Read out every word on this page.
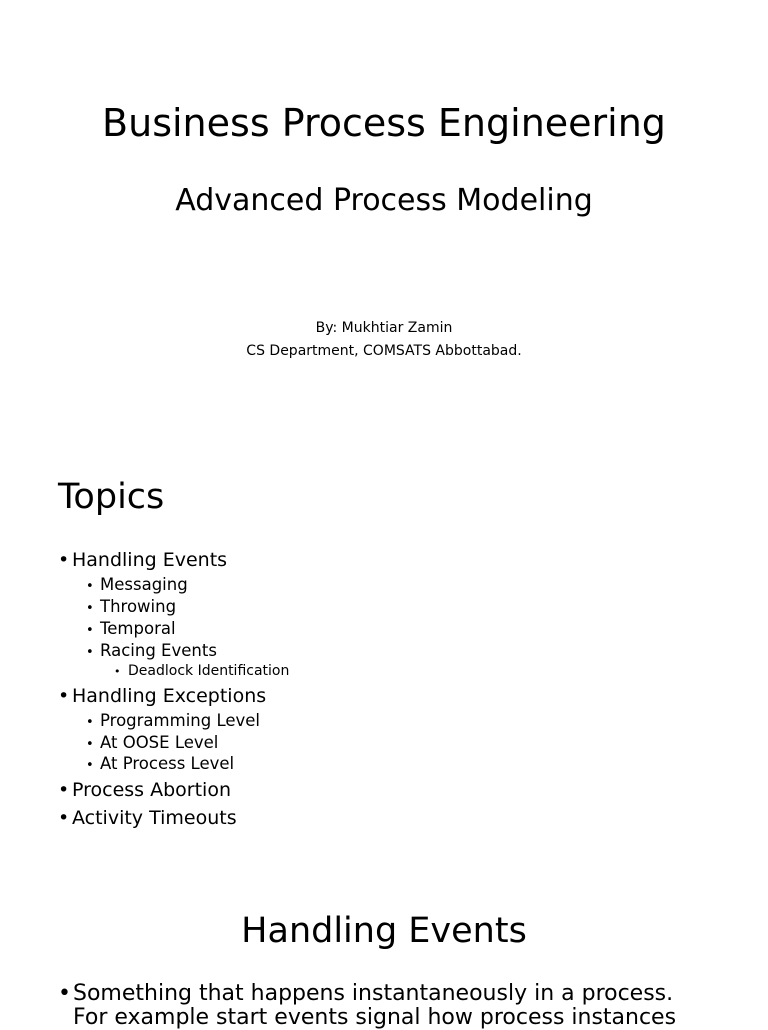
Business Process Engineering
Advanced Process Modeling
By: Mukhtiar Zamin
CS Department, COMSATS Abbottabad.
Topics
• Handling Events
• Messaging
• Throwing
• Temporal
• Racing Events
• Deadlock Identification
• Handling Exceptions
• Programming Level
• At OOSE Level
• At Process Level
• Process Abortion
• Activity Timeouts
Handling Events
•Something that happens instantaneously in a process.
For example start events signal how process instances
